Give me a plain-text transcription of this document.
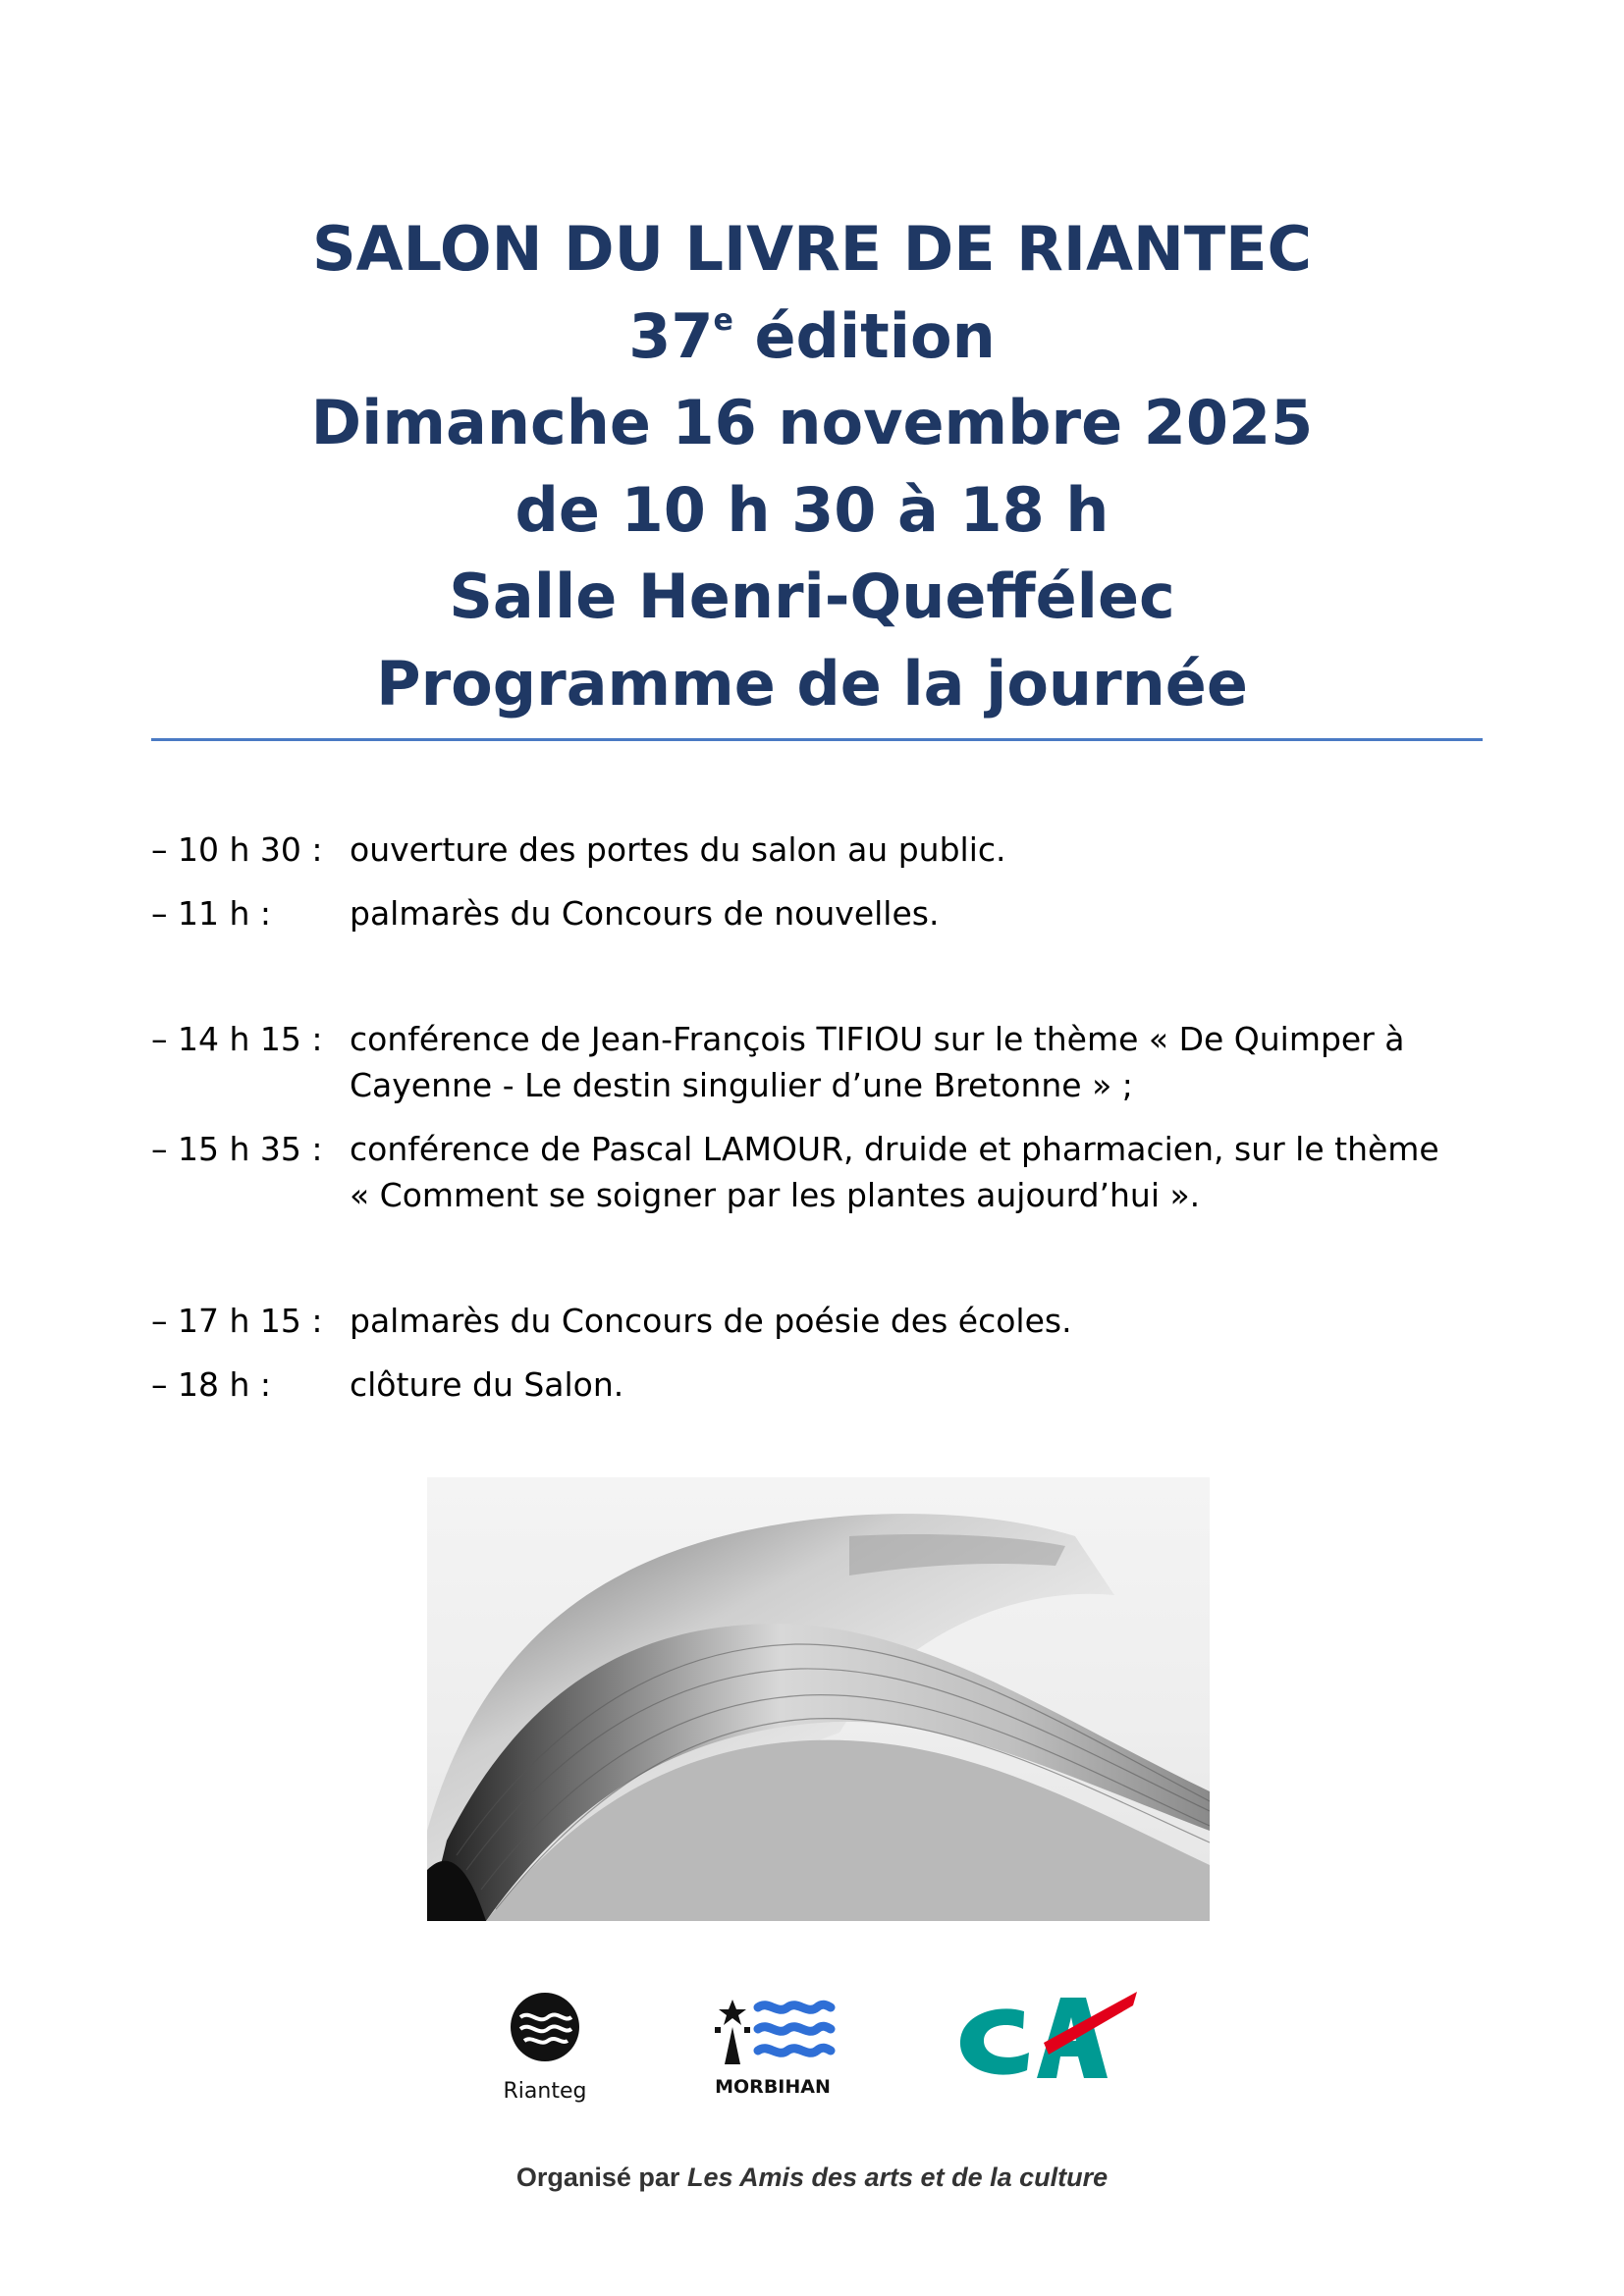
SALON DU LIVRE DE RIANTEC
37e édition
Dimanche 16 novembre 2025
de 10 h 30 à 18 h
Salle Henri-Queffélec
Programme de la journée
– 10 h 30 : ouverture des portes du salon au public.
– 11 h : palmarès du Concours de nouvelles.
– 14 h 15 : conférence de Jean-François TIFIOU sur le thème « De Quimper à Cayenne - Le destin singulier d’une Bretonne » ;
– 15 h 35 : conférence de Pascal LAMOUR, druide et pharmacien, sur le thème « Comment se soigner par les plantes aujourd’hui ».
– 17 h 15 : palmarès du Concours de poésie des écoles.
– 18 h : clôture du Salon.
Rianteg	MORBIHAN
Organisé par Les Amis des arts et de la culture
